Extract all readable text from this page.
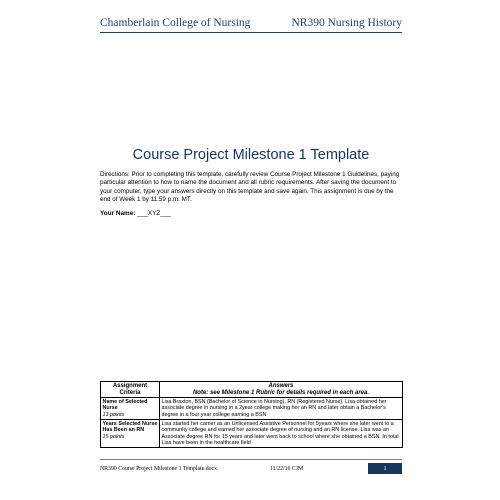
Chamberlain College of Nursing	NR390 Nursing History
Course Project Milestone 1 Template
Directions: Prior to completing this template, carefully review Course Project Milestone 1 Guidelines, paying particular attention to how to name the document and all rubric requirements. After saving the document to your computer, type your answers directly on this template and save again. This assignment is due by the end of Week 1 by 11:59 p.m. MT.
Your Name: ___XYZ___
Assignment Criteria	Answers
Note: see Milestone 1 Rubric for details required in each area.

Name of Selected Nurse
13 points	Lisa Braxton, BSN (Bachelor of Science in Nursing), RN (Registered Nurse). Lisa obtained her associate degree in nursing in a 2year college making her an RN and later obtain a Bachelor's degree in a four year college earning a BSN

Years Selected Nurse Has Been an RN
15 points	Lisa started her carrier as an Unlicensed Assistive Personnel for 5years where she later went to a community college and earned her associate degree of nursing and an RN license. Lisa was an Associate degree RN for 15 years and later went back to school where she obtained a BSN. In total Lisa have been in the healthcare field
NR390 Course Project Milestone 1 Template.docx	11/22/16 CJM	1
